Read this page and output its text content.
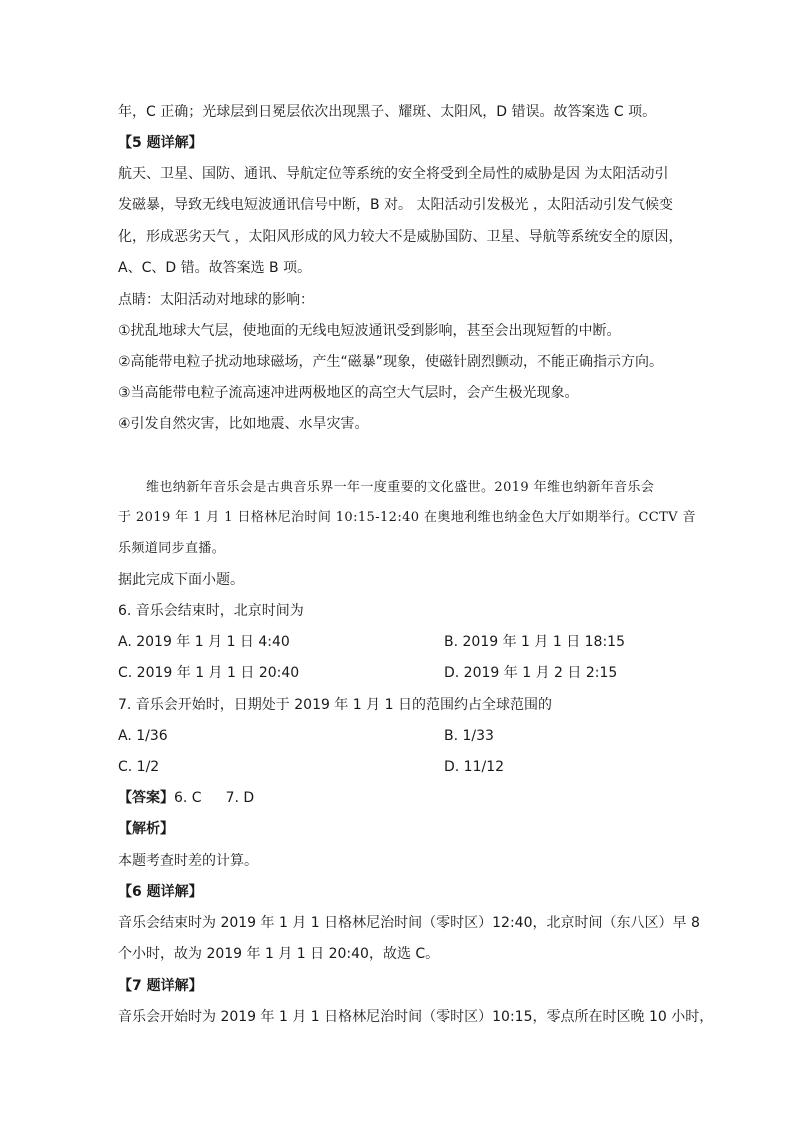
年，C 正确；光球层到日冕层依次出现黑子、耀斑、太阳风，D 错误。故答案选 C 项。
【5 题详解】
航天、卫星、国防、通讯、导航定位等系统的安全将受到全局性的威胁是因 为太阳活动引
发磁暴，导致无线电短波通讯信号中断，B 对。 太阳活动引发极光 ，太阳活动引发气候变
化，形成恶劣天气 ，太阳风形成的风力较大不是威胁国防、卫星、导航等系统安全的原因，
A、C、D 错。故答案选 B 项。
点睛：太阳活动对地球的影响：
①扰乱地球大气层，使地面的无线电短波通讯受到影响，甚至会出现短暂的中断。
②高能带电粒子扰动地球磁场，产生“磁暴”现象，使磁针剧烈颤动，不能正确指示方向。
③当高能带电粒子流高速冲进两极地区的高空大气层时，会产生极光现象。
④引发自然灾害，比如地震、水旱灾害。
维也纳新年音乐会是古典音乐界一年一度重要的文化盛世。2019 年维也纳新年音乐会
于 2019 年 1 月 1 日格林尼治时间 10:15-12:40 在奥地利维也纳金色大厅如期举行。CCTV 音
乐频道同步直播。
据此完成下面小题。
6. 音乐会结束时，北京时间为
A. 2019 年 1 月 1 日 4:40	B. 2019 年 1 月 1 日 18:15
C. 2019 年 1 月 1 日 20:40	D. 2019 年 1 月 2 日 2:15
7. 音乐会开始时，日期处于 2019 年 1 月 1 日的范围约占全球范围的
A. 1/36	B. 1/33
C. 1/2	D. 11/12
【答案】6. C 7. D
【解析】
本题考查时差的计算。
【6 题详解】
音乐会结束时为 2019 年 1 月 1 日格林尼治时间（零时区）12:40，北京时间（东八区）早 8
个小时，故为 2019 年 1 月 1 日 20:40，故选 C。
【7 题详解】
音乐会开始时为 2019 年 1 月 1 日格林尼治时间（零时区）10:15，零点所在时区晚 10 小时，
